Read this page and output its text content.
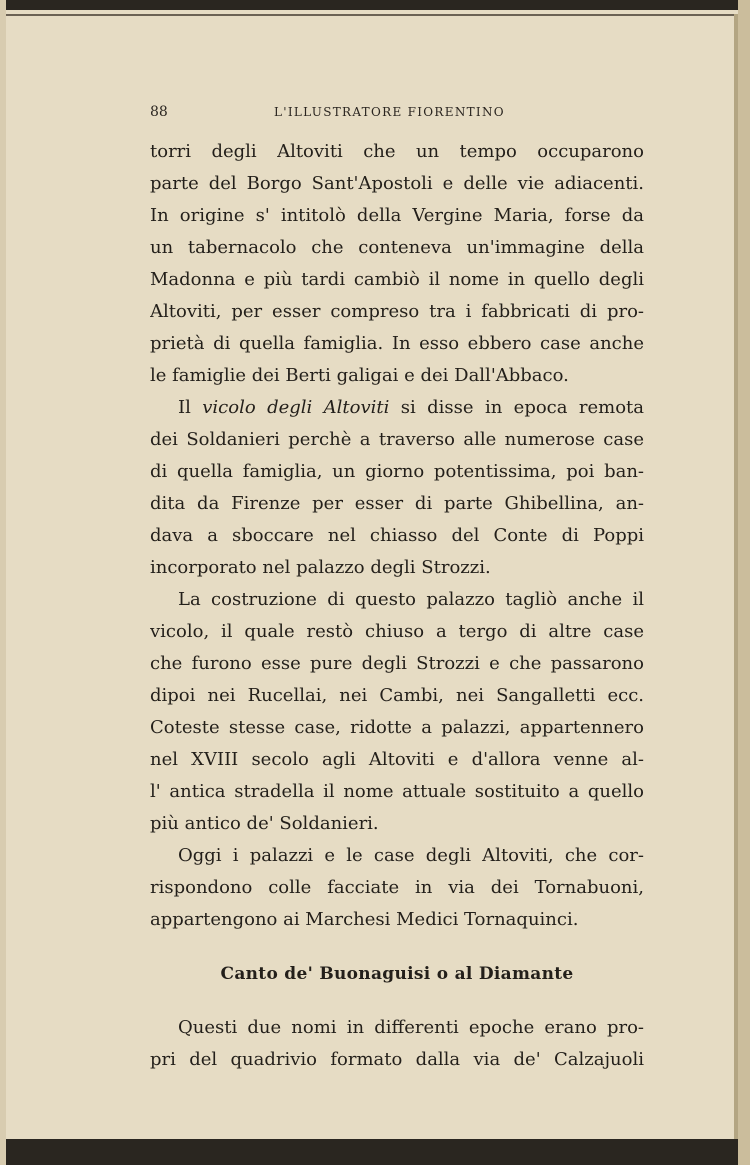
88	L'ILLUSTRATORE FIORENTINO
torri degli Altoviti che un tempo occuparono
parte del Borgo Sant'Apostoli e delle vie adiacenti.
In origine s' intitolò della Vergine Maria, forse da
un tabernacolo che conteneva un'immagine della
Madonna e più tardi cambiò il nome in quello degli
Altoviti, per esser compreso tra i fabbricati di pro-
prietà di quella famiglia. In esso ebbero case anche
le famiglie dei Berti galigai e dei Dall'Abbaco.
Il vicolo degli Altoviti si disse in epoca remota
dei Soldanieri perchè a traverso alle numerose case
di quella famiglia, un giorno potentissima, poi ban-
dita da Firenze per esser di parte Ghibellina, an-
dava a sboccare nel chiasso del Conte di Poppi
incorporato nel palazzo degli Strozzi.
La costruzione di questo palazzo tagliò anche il
vicolo, il quale restò chiuso a tergo di altre case
che furono esse pure degli Strozzi e che passarono
dipoi nei Rucellai, nei Cambi, nei Sangalletti ecc.
Coteste stesse case, ridotte a palazzi, appartennero
nel XVIII secolo agli Altoviti e d'allora venne al-
l' antica stradella il nome attuale sostituito a quello
più antico de' Soldanieri.
Oggi i palazzi e le case degli Altoviti, che cor-
rispondono colle facciate in via dei Tornabuoni,
appartengono ai Marchesi Medici Tornaquinci.
Canto de' Buonaguisi o al Diamante
Questi due nomi in differenti epoche erano pro-
pri del quadrivio formato dalla via de' Calzajuoli
